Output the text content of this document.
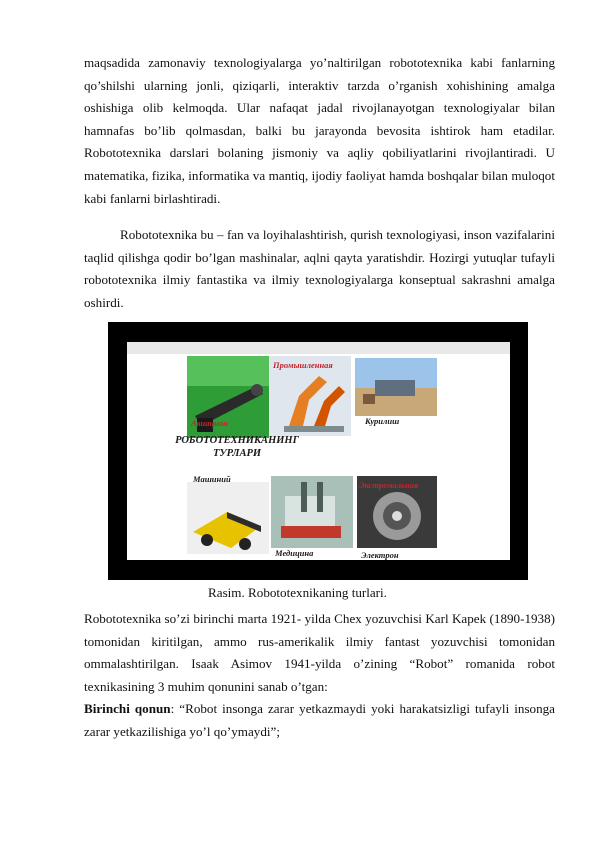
maqsadida zamonaviy texnologiyalarga yo’naltirilgan robototexnika kabi fanlarning qo’shilshi ularning jonli, qiziqarli, interaktiv tarzda o’rganish xohishining amalga oshishiga olib kelmoqda. Ular nafaqat jadal rivojlanayotgan texnologiyalar bilan hamnafas bo’lib qolmasdan, balki bu jarayonda bevosita ishtirok ham etadilar. Robototexnika darslari bolaning jismoniy va aqliy qobiliyatlarini rivojlantiradi. U matematika, fizika, informatika va mantiq, ijodiy faoliyat hamda boshqalar bilan muloqot kabi fanlarni birlashtiradi.

Robototexnika bu – fan va loyihalashtirish, qurish texnologiyasi, inson vazifalarini taqlid qilishga qodir bo’lgan mashinalar, aqlni qayta yaratishdir. Hozirgi yutuqlar tufayli robototexnika ilmiy fantastika va ilmiy texnologiyalarga konseptual sakrashni amalga oshirdi.

Авиацион
Промышленная
Курилиш
РОБОТОТЕХНИКАНИНГ
ТУРЛАРИ
Машиний
Медицина
Экстремальная
Электрон
Rasim. Robototexnikaning turlari.

Robototexnika so’zi birinchi marta 1921- yilda Chex yozuvchisi Karl Kapek (1890-1938) tomonidan kiritilgan, ammo rus-amerikalik ilmiy fantast yozuvchisi tomonidan ommalashtirilgan. Isaak Asimov 1941-yilda o’zining “Robot” romanida robot texnikasining 3 muhim qonunini sanab o’tgan:

Birinchi qonun: “Robot insonga zarar yetkazmaydi yoki harakatsizligi tufayli insonga zarar yetkazilishiga yo’l qo’ymaydi”;
